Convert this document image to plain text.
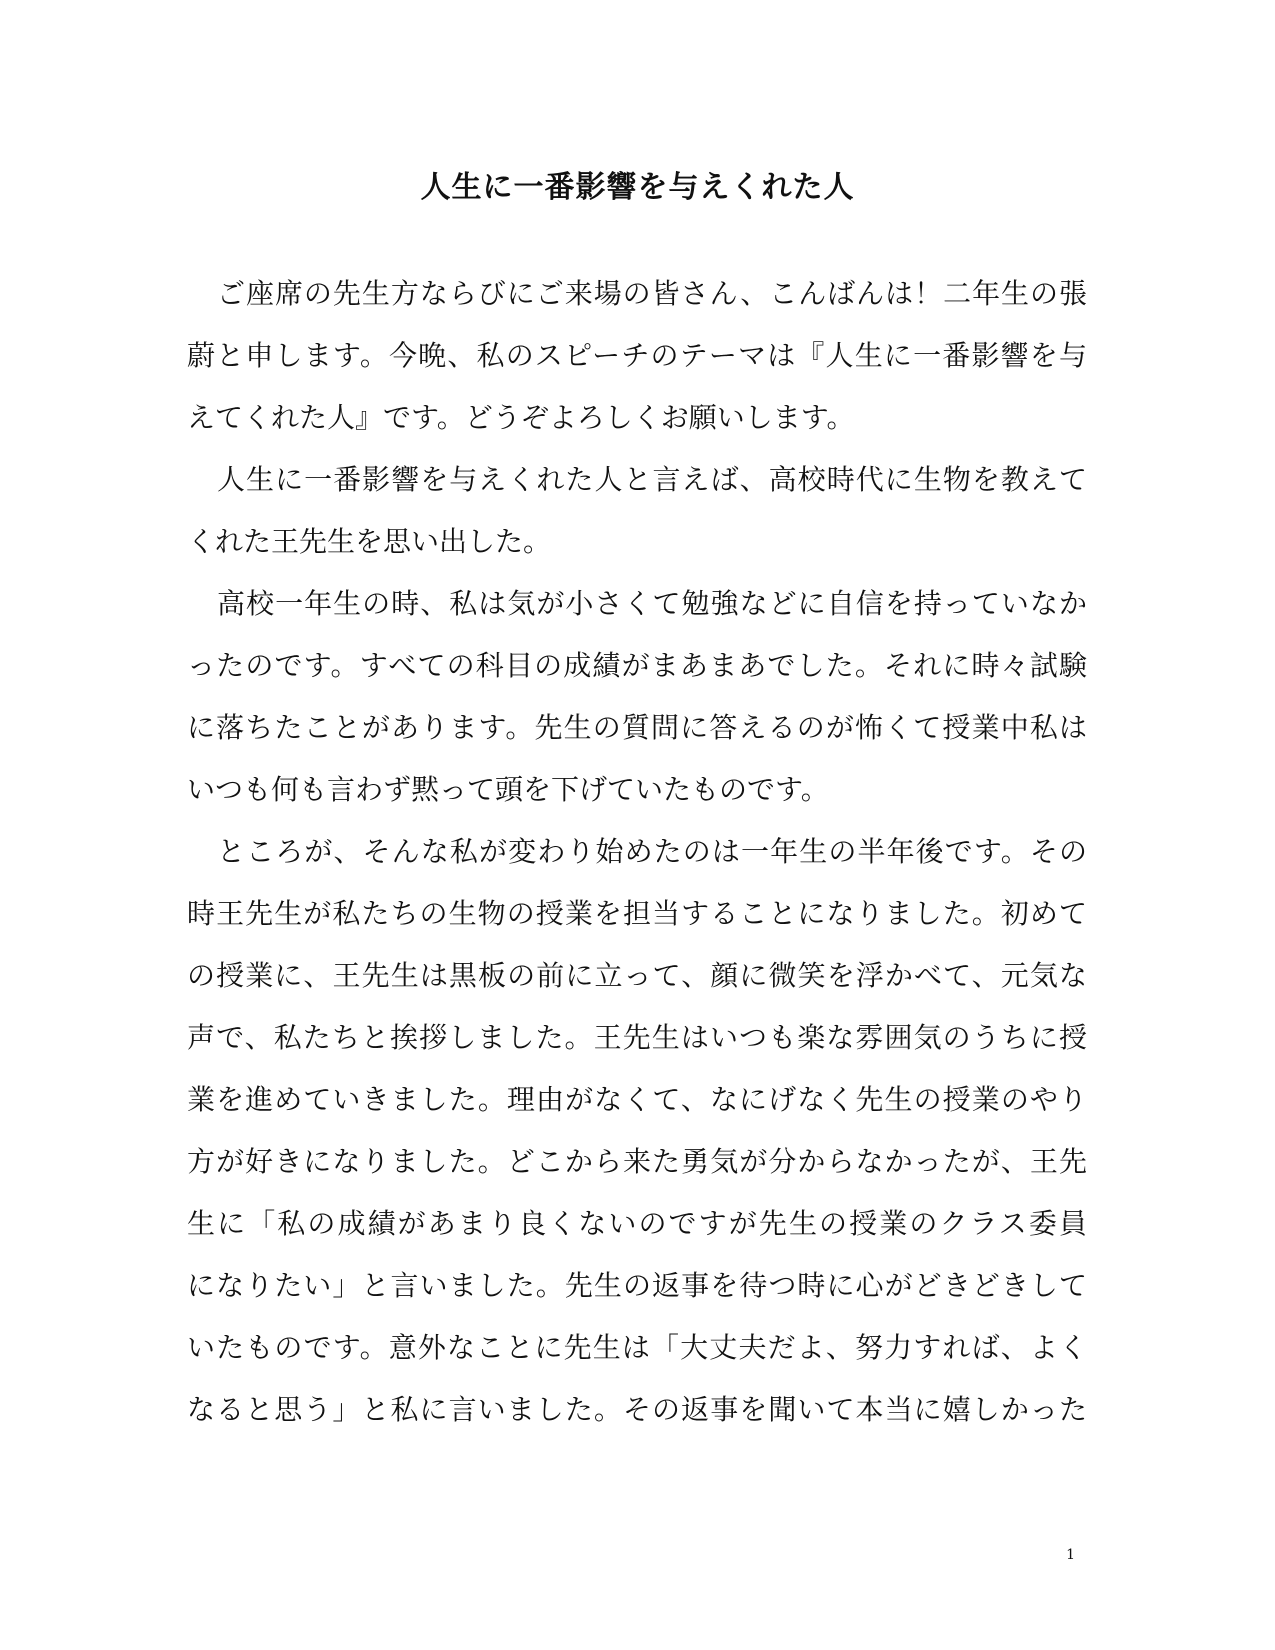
人生に一番影響を与えくれた人
ご座席の先生方ならびにご来場の皆さん、こんばんは！二年生の張
蔚と申します。今晩、私のスピーチのテーマは『人生に一番影響を与
えてくれた人』です。どうぞよろしくお願いします。
人生に一番影響を与えくれた人と言えば、高校時代に生物を教えて
くれた王先生を思い出した。
高校一年生の時、私は気が小さくて勉強などに自信を持っていなか
ったのです。すべての科目の成績がまあまあでした。それに時々試験
に落ちたことがあります。先生の質問に答えるのが怖くて授業中私は
いつも何も言わず黙って頭を下げていたものです。
ところが、そんな私が変わり始めたのは一年生の半年後です。その
時王先生が私たちの生物の授業を担当することになりました。初めて
の授業に、王先生は黒板の前に立って、顔に微笑を浮かべて、元気な
声で、私たちと挨拶しました。王先生はいつも楽な雰囲気のうちに授
業を進めていきました。理由がなくて、なにげなく先生の授業のやり
方が好きになりました。どこから来た勇気が分からなかったが、王先
生に「私の成績があまり良くないのですが先生の授業のクラス委員
になりたい」と言いました。先生の返事を待つ時に心がどきどきして
いたものです。意外なことに先生は「大丈夫だよ、努力すれば、よく
なると思う」と私に言いました。その返事を聞いて本当に嬉しかった
1
